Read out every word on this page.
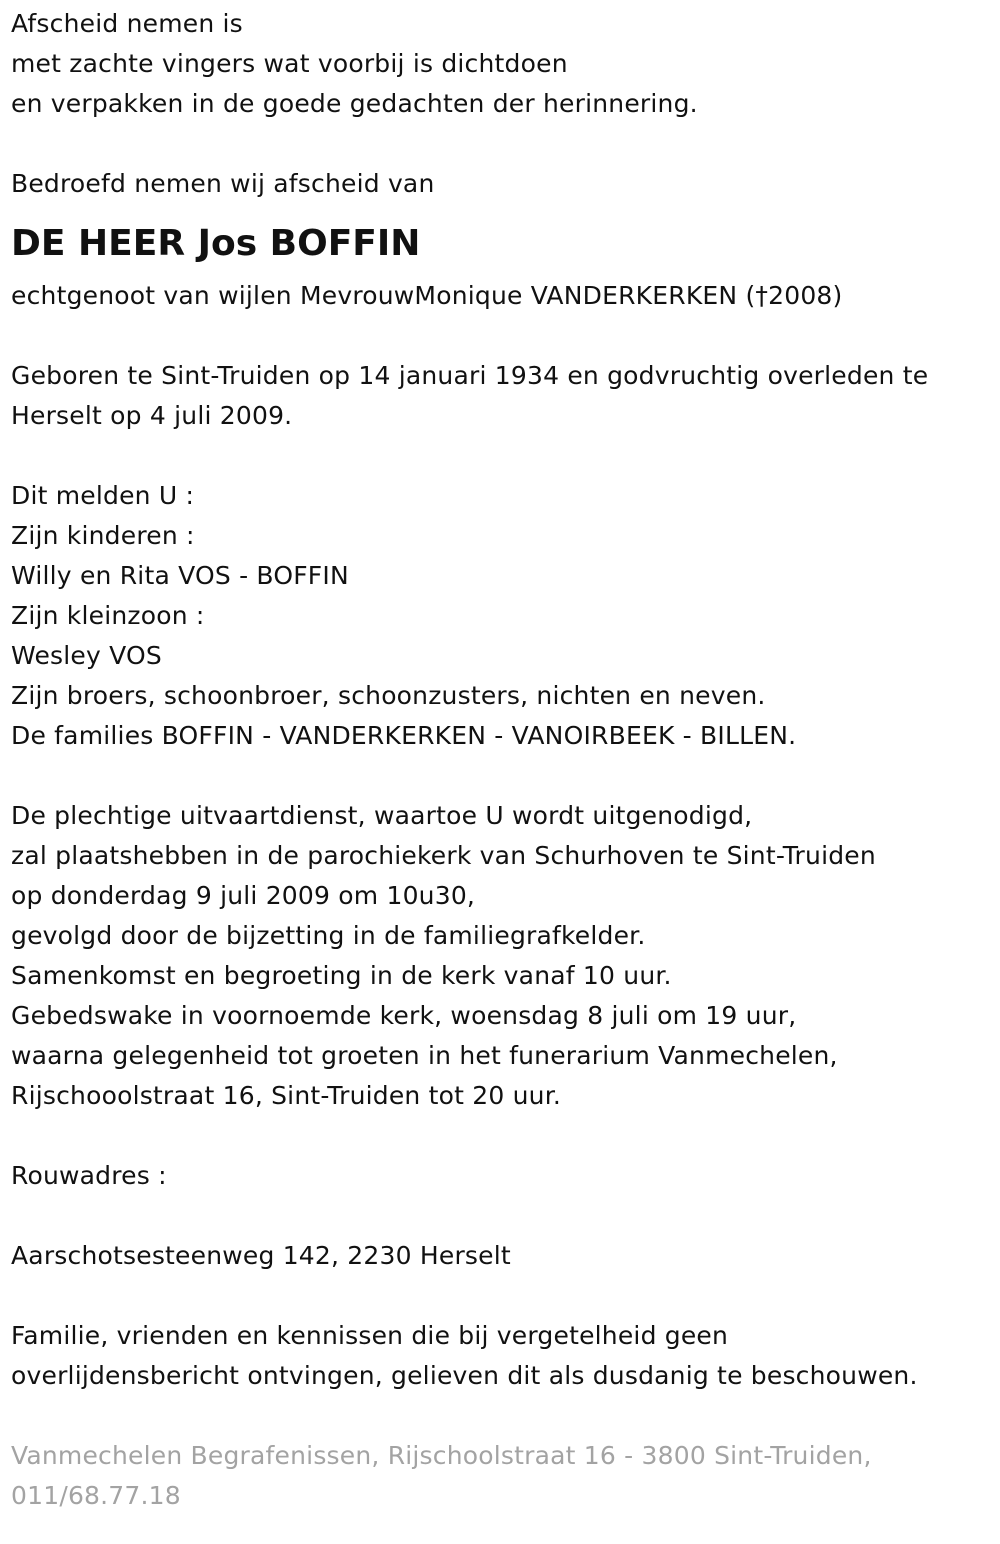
Afscheid nemen is
met zachte vingers wat voorbij is dichtdoen
en verpakken in de goede gedachten der herinnering.
Bedroefd nemen wij afscheid van
DE HEER Jos BOFFIN
echtgenoot van wijlen MevrouwMonique VANDERKERKEN (†2008)
Geboren te Sint-Truiden op 14 januari 1934 en godvruchtig overleden te
Herselt op 4 juli 2009.
Dit melden U :
Zijn kinderen :
Willy en Rita VOS - BOFFIN
Zijn kleinzoon :
Wesley VOS
Zijn broers, schoonbroer, schoonzusters, nichten en neven.
De families BOFFIN - VANDERKERKEN - VANOIRBEEK - BILLEN.
De plechtige uitvaartdienst, waartoe U wordt uitgenodigd,
zal plaatshebben in de parochiekerk van Schurhoven te Sint-Truiden
op donderdag 9 juli 2009 om 10u30,
gevolgd door de bijzetting in de familiegrafkelder.
Samenkomst en begroeting in de kerk vanaf 10 uur.
Gebedswake in voornoemde kerk, woensdag 8 juli om 19 uur,
waarna gelegenheid tot groeten in het funerarium Vanmechelen,
Rijschooolstraat 16, Sint-Truiden tot 20 uur.
Rouwadres :
Aarschotsesteenweg 142, 2230 Herselt
Familie, vrienden en kennissen die bij vergetelheid geen
overlijdensbericht ontvingen, gelieven dit als dusdanig te beschouwen.
Vanmechelen Begrafenissen, Rijschoolstraat 16 - 3800 Sint-Truiden,
011/68.77.18
